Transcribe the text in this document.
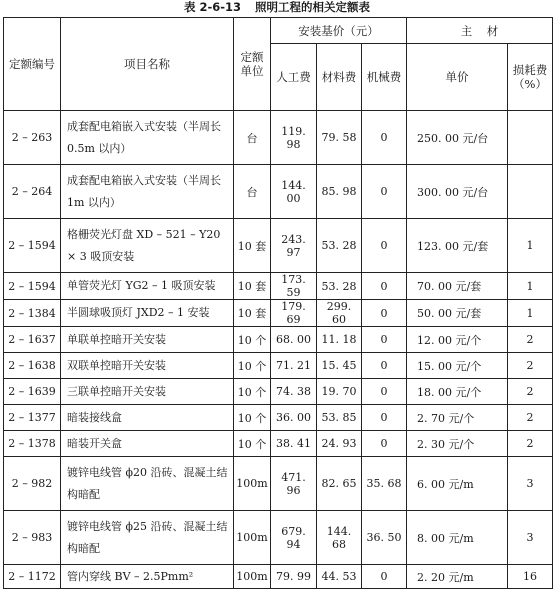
表 2-6-13 照明工程的相关定额表
定额编号	项目名称	定额单位	安装基价（元）			主    材	
			人工费	材料费	机械费	单价	损耗费（%）
2 – 263	成套配电箱嵌入式安装（半周长 0.5m 以内）	台	119. 98	79. 58	0	250. 00 元/台	
2 – 264	成套配电箱嵌入式安装（半周长 1m 以内）	台	144. 00	85. 98	0	300. 00 元/台	
2 – 1594	格栅荧光灯盘 XD – 521 – Y20 × 3 吸顶安装	10 套	243. 97	53. 28	0	123. 00 元/套	1
2 – 1594	单管荧光灯 YG2 – 1 吸顶安装	10 套	173. 59	53. 28	0	70. 00 元/套	1
2 – 1384	半圆球吸顶灯 JXD2 – 1 安装	10 套	179. 69	299. 60	0	50. 00 元/套	1
2 – 1637	单联单控暗开关安装	10 个	68. 00	11. 18	0	12. 00 元/个	2
2 – 1638	双联单控暗开关安装	10 个	71. 21	15. 45	0	15. 00 元/个	2
2 – 1639	三联单控暗开关安装	10 个	74. 38	19. 70	0	18. 00 元/个	2
2 – 1377	暗装接线盒	10 个	36. 00	53. 85	0	2. 70 元/个	2
2 – 1378	暗装开关盒	10 个	38. 41	24. 93	0	2. 30 元/个	2
2 – 982	镀锌电线管 ϕ20 沿砖、混凝土结构暗配	100m	471. 96	82. 65	35. 68	6. 00 元/m	3
2 – 983	镀锌电线管 ϕ25 沿砖、混凝土结构暗配	100m	679. 94	144. 68	36. 50	8. 00 元/m	3
2 – 1172	管内穿线 BV – 2.5Pmm²	100m	79. 99	44. 53	0	2. 20 元/m	16
